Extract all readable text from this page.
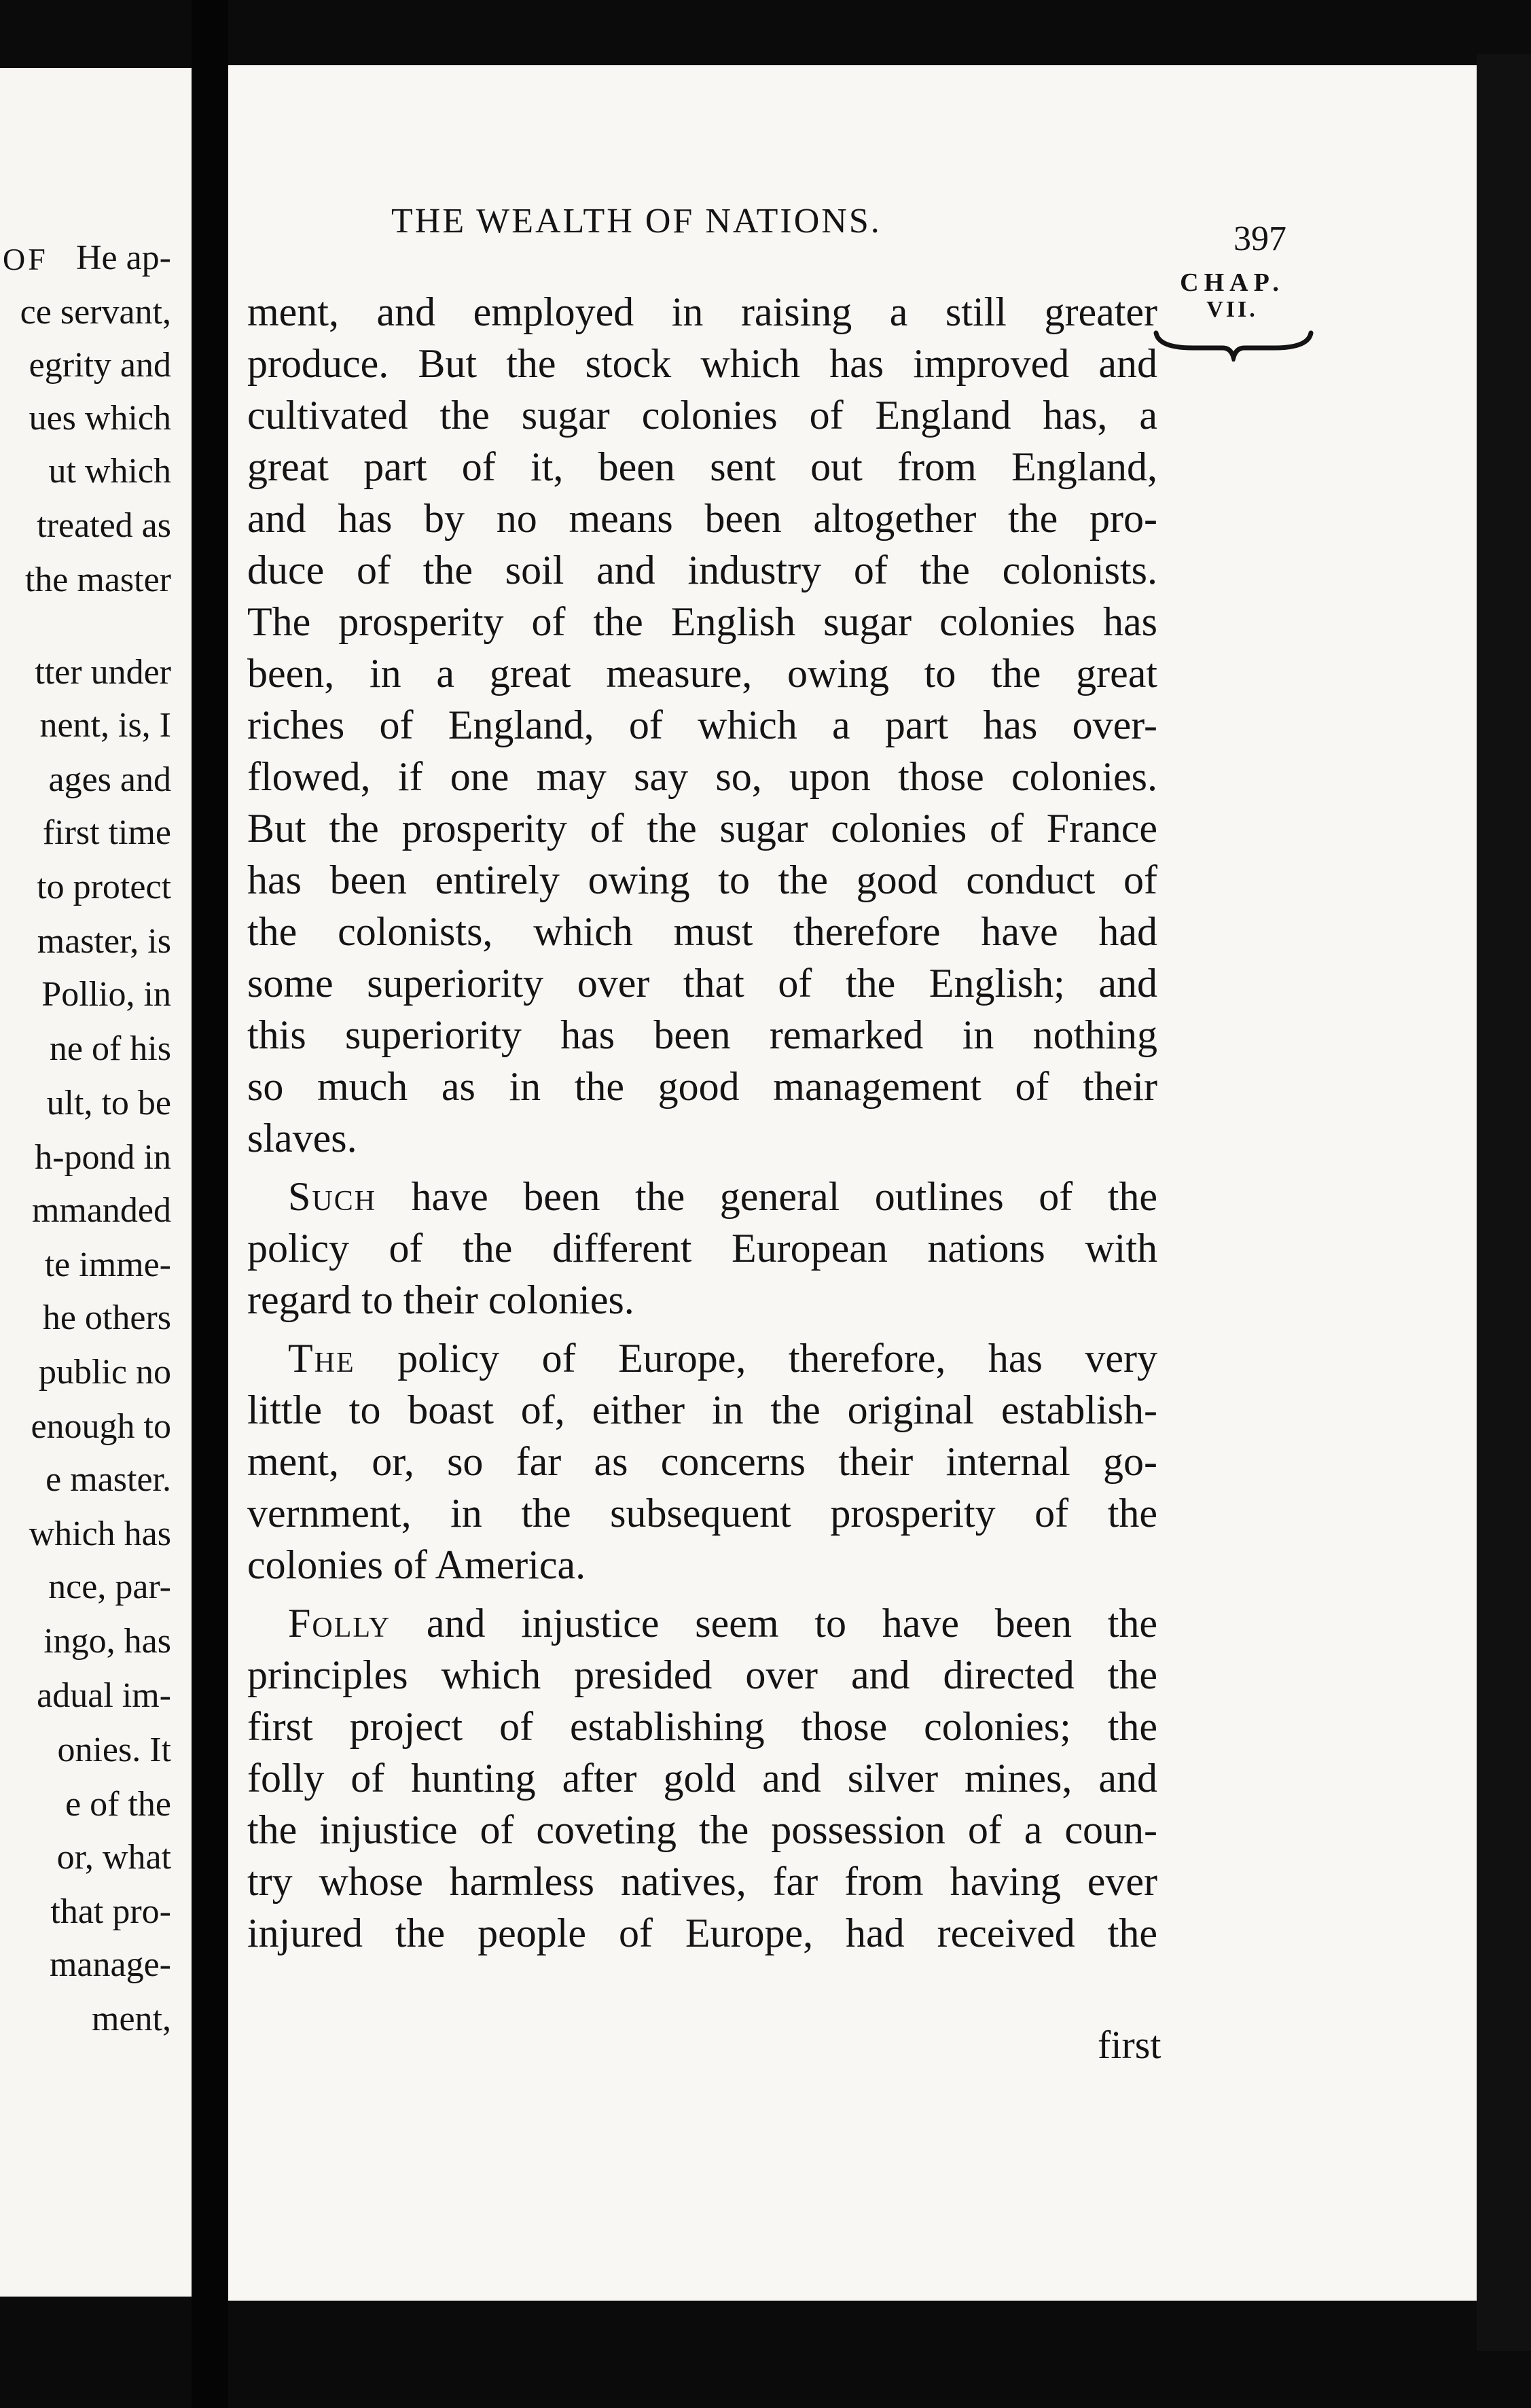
OF He ap-
ce servant,
egrity and
ues which
ut which
treated as
the master
tter under
nent, is, I
ages and
first time
to protect
master, is
Pollio, in
ne of his
ult, to be
h-pond in
mmanded
te imme-
he others
public no
enough to
e master.
which has
nce, par-
ingo, has
adual im-
onies. It
e of the
or, what
that pro-
manage-
ment,
THE WEALTH OF NATIONS.	397
CHAP.
VII.
ment, and employed in raising a still greater
produce. But the stock which has improved and
cultivated the sugar colonies of England has, a
great part of it, been sent out from England,
and has by no means been altogether the pro-
duce of the soil and industry of the colonists.
The prosperity of the English sugar colonies has
been, in a great measure, owing to the great
riches of England, of which a part has over-
flowed, if one may say so, upon those colonies.
But the prosperity of the sugar colonies of France
has been entirely owing to the good conduct of
the colonists, which must therefore have had
some superiority over that of the English; and
this superiority has been remarked in nothing
so much as in the good management of their
slaves.
Such have been the general outlines of the
policy of the different European nations with
regard to their colonies.
The policy of Europe, therefore, has very
little to boast of, either in the original establish-
ment, or, so far as concerns their internal go-
vernment, in the subsequent prosperity of the
colonies of America.
Folly and injustice seem to have been the
principles which presided over and directed the
first project of establishing those colonies; the
folly of hunting after gold and silver mines, and
the injustice of coveting the possession of a coun-
try whose harmless natives, far from having ever
injured the people of Europe, had received the
first
